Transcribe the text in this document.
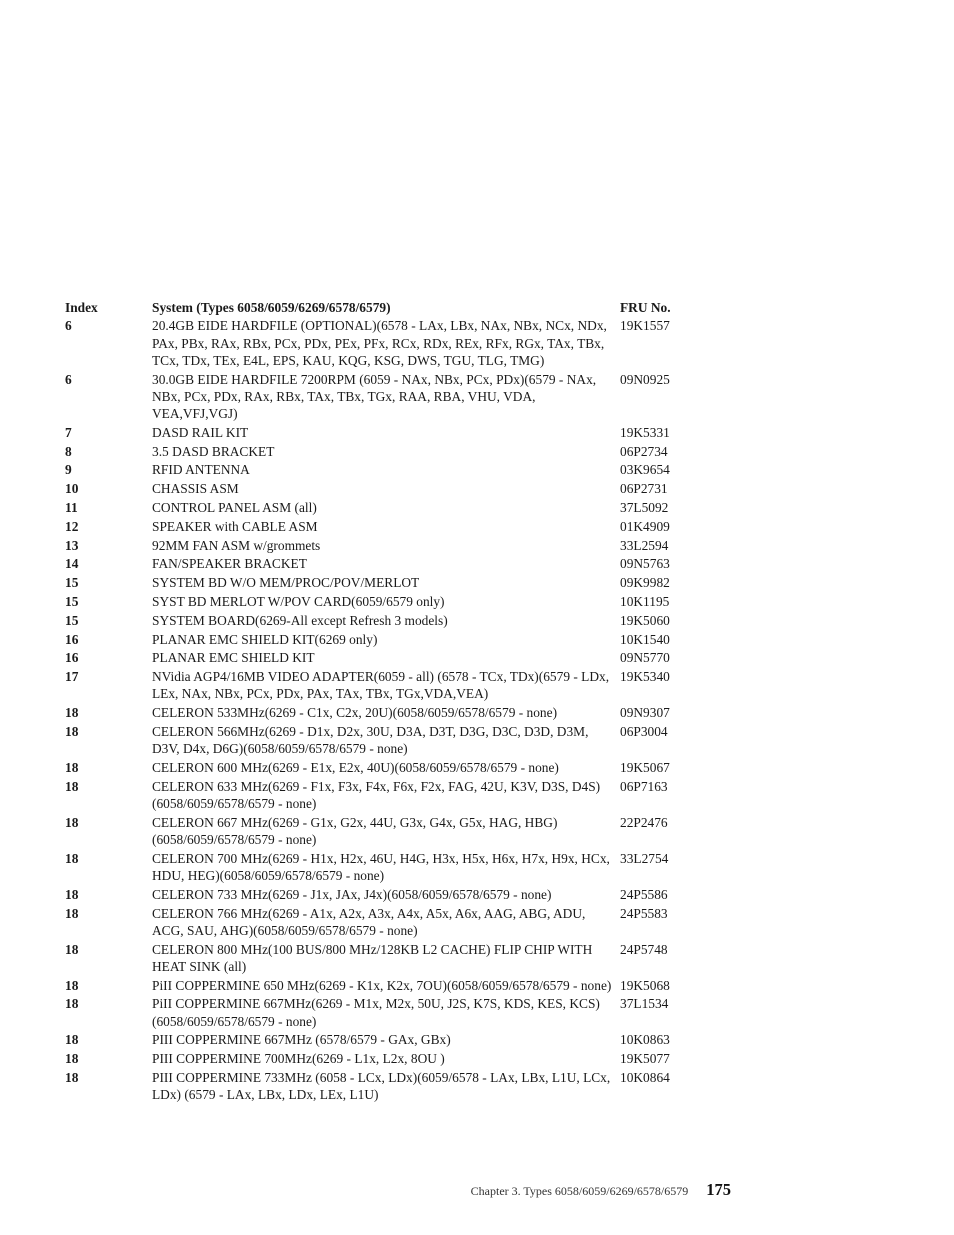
Index	System (Types 6058/6059/6269/6578/6579)	FRU No.
6	20.4GB EIDE HARDFILE (OPTIONAL)(6578 - LAx, LBx, NAx, NBx, NCx, NDx, PAx, PBx, RAx, RBx, PCx, PDx, PEx, PFx, RCx, RDx, REx, RFx, RGx, TAx, TBx, TCx, TDx, TEx, E4L, EPS, KAU, KQG, KSG, DWS, TGU, TLG, TMG)	19K1557
6	30.0GB EIDE HARDFILE 7200RPM (6059 - NAx, NBx, PCx, PDx)(6579 - NAx, NBx, PCx, PDx, RAx, RBx, TAx, TBx, TGx, RAA, RBA, VHU, VDA, VEA,VFJ,VGJ)	09N0925
7	DASD RAIL KIT	19K5331
8	3.5 DASD BRACKET	06P2734
9	RFID ANTENNA	03K9654
10	CHASSIS ASM	06P2731
11	CONTROL PANEL ASM (all)	37L5092
12	SPEAKER with CABLE ASM	01K4909
13	92MM FAN ASM w/grommets	33L2594
14	FAN/SPEAKER BRACKET	09N5763
15	SYSTEM BD W/O MEM/PROC/POV/MERLOT	09K9982
15	SYST BD MERLOT W/POV CARD(6059/6579 only)	10K1195
15	SYSTEM BOARD(6269-All except Refresh 3 models)	19K5060
16	PLANAR EMC SHIELD KIT(6269 only)	10K1540
16	PLANAR EMC SHIELD KIT	09N5770
17	NVidia AGP4/16MB VIDEO ADAPTER(6059 - all) (6578 - TCx, TDx)(6579 - LDx, LEx, NAx, NBx, PCx, PDx, PAx, TAx, TBx, TGx,VDA,VEA)	19K5340
18	CELERON 533MHz(6269 - C1x, C2x, 20U)(6058/6059/6578/6579 - none)	09N9307
18	CELERON 566MHz(6269 - D1x, D2x, 30U, D3A, D3T, D3G, D3C, D3D, D3M, D3V, D4x, D6G)(6058/6059/6578/6579 - none)	06P3004
18	CELERON 600 MHz(6269 - E1x, E2x, 40U)(6058/6059/6578/6579 - none)	19K5067
18	CELERON 633 MHz(6269 - F1x, F3x, F4x, F6x, F2x, FAG, 42U, K3V, D3S, D4S)(6058/6059/6578/6579 - none)	06P7163
18	CELERON 667 MHz(6269 - G1x, G2x, 44U, G3x, G4x, G5x, HAG, HBG)(6058/6059/6578/6579 - none)	22P2476
18	CELERON 700 MHz(6269 - H1x, H2x, 46U, H4G, H3x, H5x, H6x, H7x, H9x, HCx, HDU, HEG)(6058/6059/6578/6579 - none)	33L2754
18	CELERON 733 MHz(6269 - J1x, JAx, J4x)(6058/6059/6578/6579 - none)	24P5586
18	CELERON 766 MHz(6269 - A1x, A2x, A3x, A4x, A5x, A6x, AAG, ABG, ADU, ACG, SAU, AHG)(6058/6059/6578/6579 - none)	24P5583
18	CELERON 800 MHz(100 BUS/800 MHz/128KB L2 CACHE) FLIP CHIP WITH HEAT SINK (all)	24P5748
18	PiII COPPERMINE 650 MHz(6269 - K1x, K2x, 7OU)(6058/6059/6578/6579 - none)	19K5068
18	PiII COPPERMINE 667MHz(6269 - M1x, M2x, 50U, J2S, K7S, KDS, KES, KCS)(6058/6059/6578/6579 - none)	37L1534
18	PIII COPPERMINE 667MHz (6578/6579 - GAx, GBx)	10K0863
18	PIII COPPERMINE 700MHz(6269 - L1x, L2x, 8OU )	19K5077
18	PIII COPPERMINE 733MHz (6058 - LCx, LDx)(6059/6578 - LAx, LBx, L1U, LCx, LDx) (6579 - LAx, LBx, LDx, LEx, L1U)	10K0864
Chapter 3. Types 6058/6059/6269/6578/6579 175
